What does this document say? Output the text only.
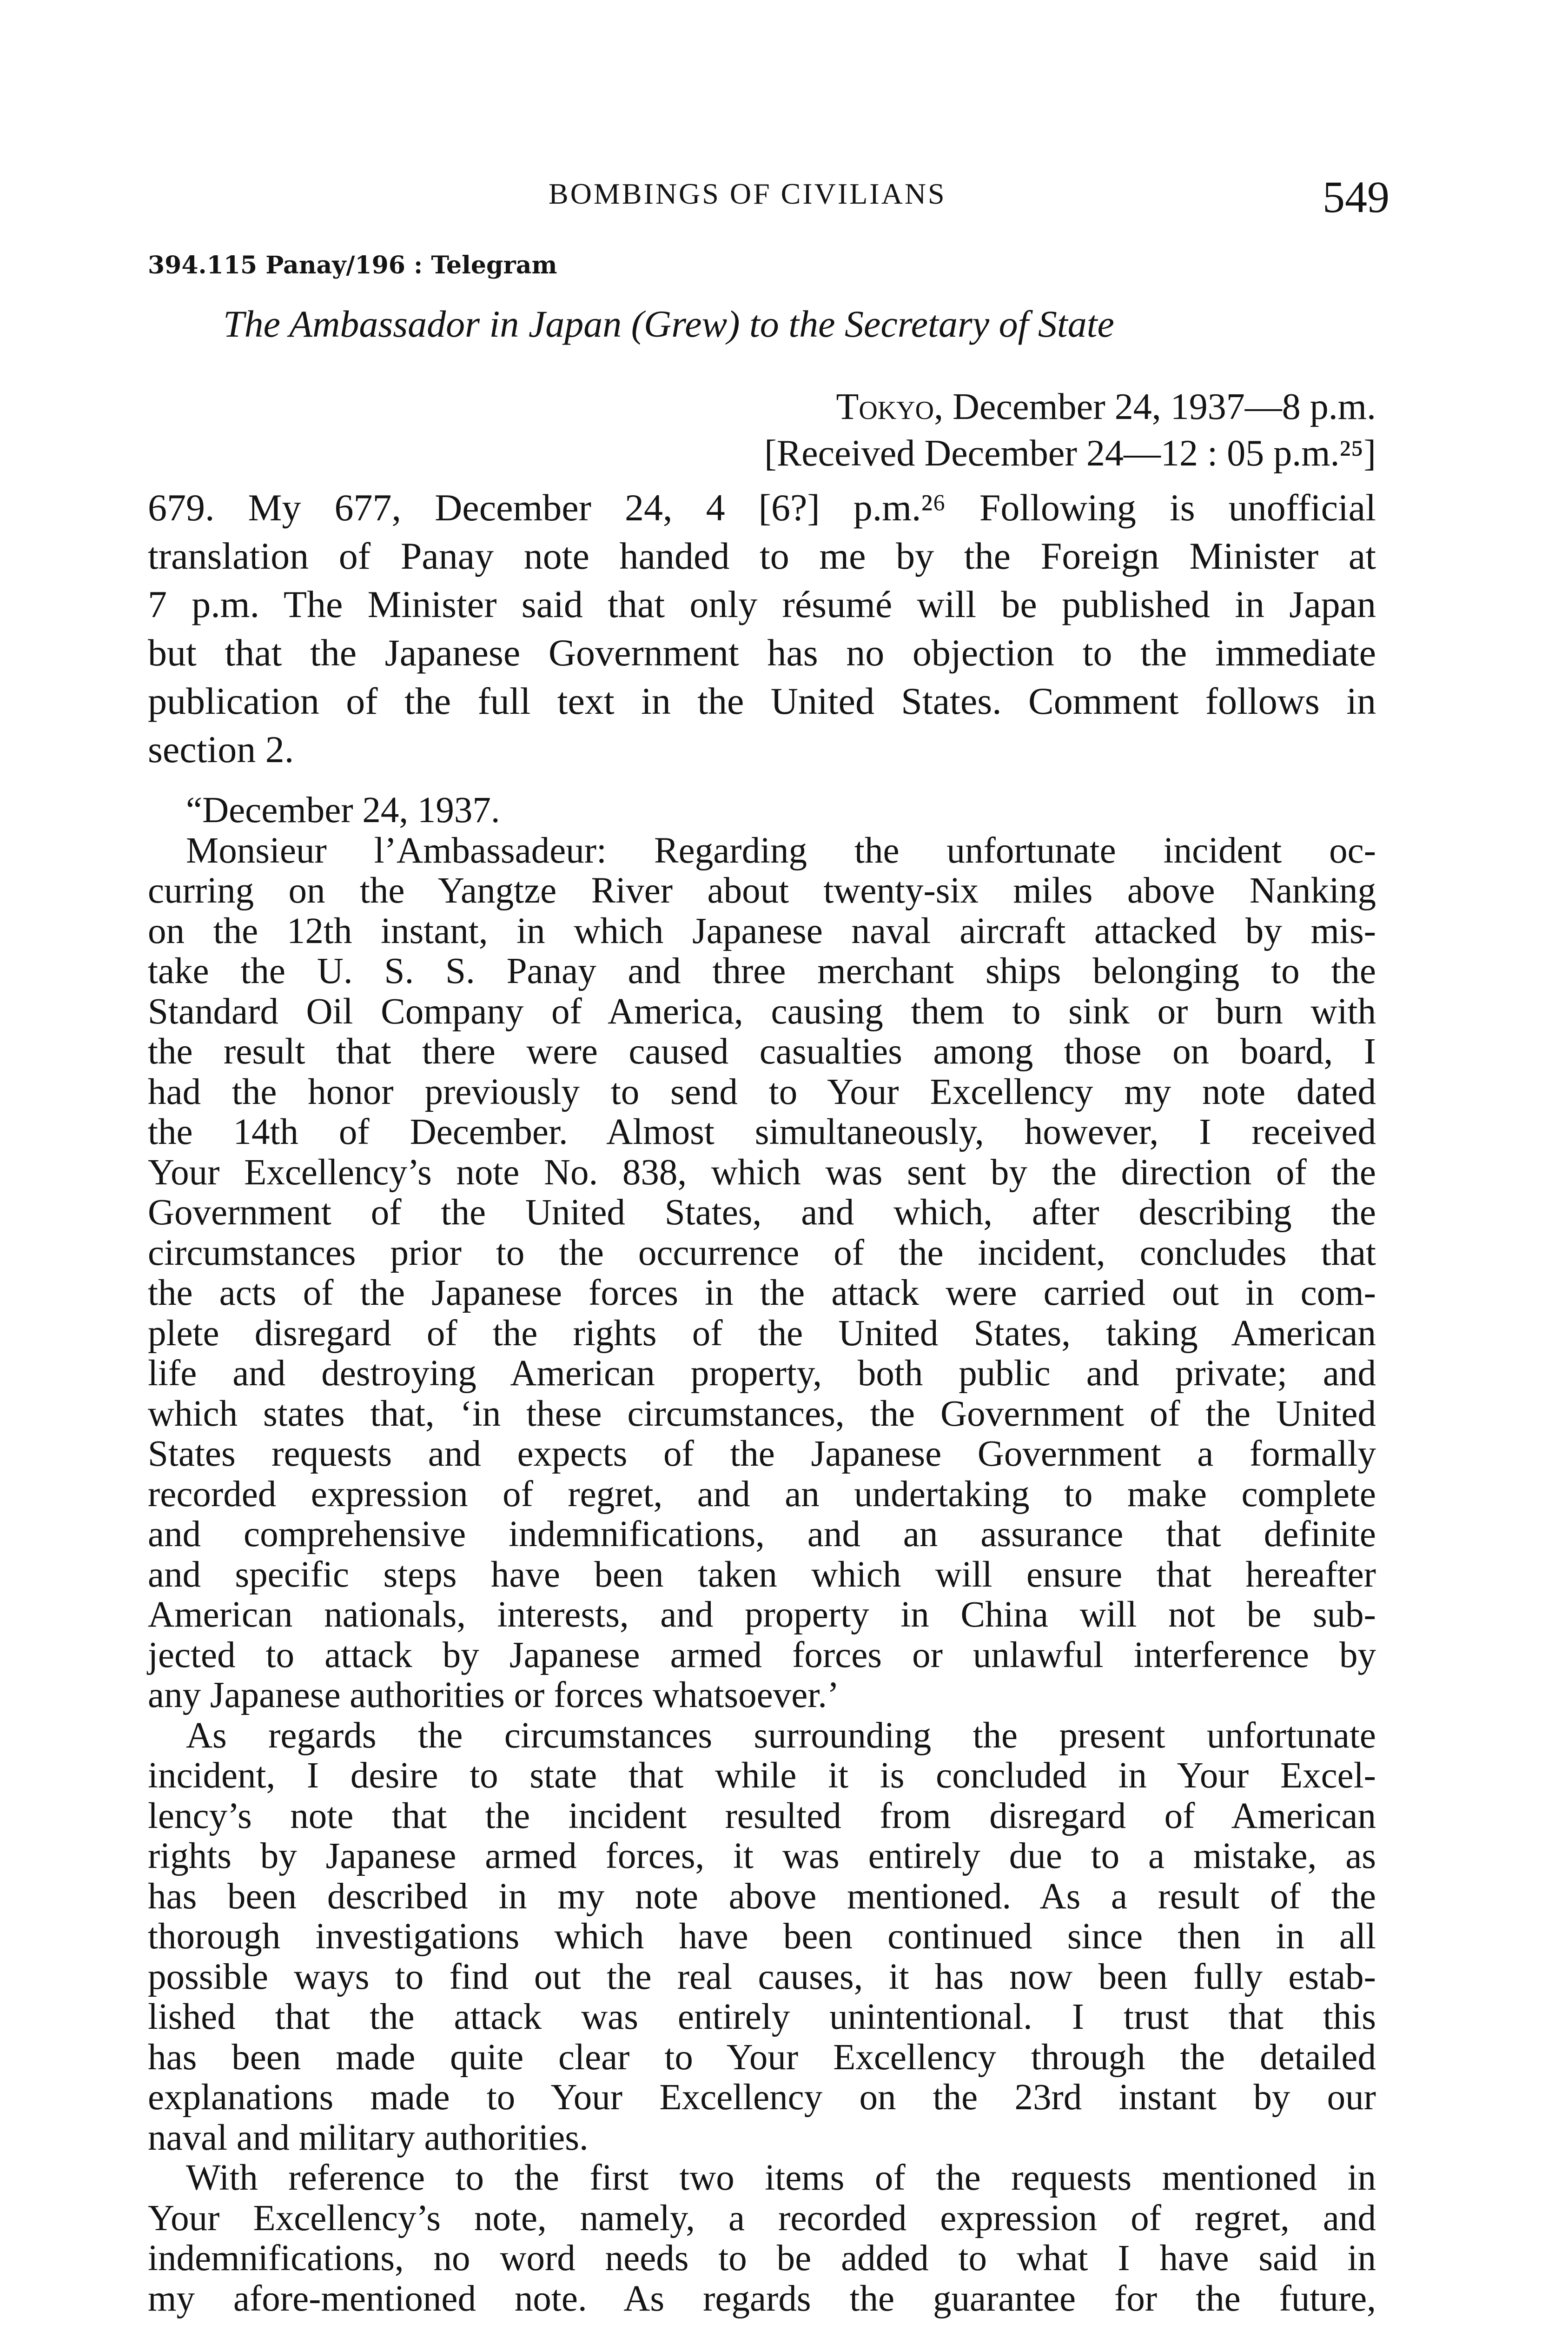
BOMBINGS OF CIVILIANS	549
394.115 Panay/196 : Telegram
The Ambassador in Japan (Grew) to the Secretary of State
Tokyo, December 24, 1937—8 p.m.
[Received December 24—12 : 05 p.m.²⁵]
679. My 677, December 24, 4 [6?] p.m.²⁶ Following is unofficial
translation of Panay note handed to me by the Foreign Minister at
7 p.m. The Minister said that only résumé will be published in Japan
but that the Japanese Government has no objection to the immediate
publication of the full text in the United States. Comment follows in
section 2.
“December 24, 1937.
Monsieur l’Ambassadeur: Regarding the unfortunate incident oc-
curring on the Yangtze River about twenty-six miles above Nanking
on the 12th instant, in which Japanese naval aircraft attacked by mis-
take the U. S. S. Panay and three merchant ships belonging to the
Standard Oil Company of America, causing them to sink or burn with
the result that there were caused casualties among those on board, I
had the honor previously to send to Your Excellency my note dated
the 14th of December. Almost simultaneously, however, I received
Your Excellency’s note No. 838, which was sent by the direction of the
Government of the United States, and which, after describing the
circumstances prior to the occurrence of the incident, concludes that
the acts of the Japanese forces in the attack were carried out in com-
plete disregard of the rights of the United States, taking American
life and destroying American property, both public and private; and
which states that, ‘in these circumstances, the Government of the United
States requests and expects of the Japanese Government a formally
recorded expression of regret, and an undertaking to make complete
and comprehensive indemnifications, and an assurance that definite
and specific steps have been taken which will ensure that hereafter
American nationals, interests, and property in China will not be sub-
jected to attack by Japanese armed forces or unlawful interference by
any Japanese authorities or forces whatsoever.’
As regards the circumstances surrounding the present unfortunate
incident, I desire to state that while it is concluded in Your Excel-
lency’s note that the incident resulted from disregard of American
rights by Japanese armed forces, it was entirely due to a mistake, as
has been described in my note above mentioned. As a result of the
thorough investigations which have been continued since then in all
possible ways to find out the real causes, it has now been fully estab-
lished that the attack was entirely unintentional. I trust that this
has been made quite clear to Your Excellency through the detailed
explanations made to Your Excellency on the 23rd instant by our
naval and military authorities.
With reference to the first two items of the requests mentioned in
Your Excellency’s note, namely, a recorded expression of regret, and
indemnifications, no word needs to be added to what I have said in
my afore-mentioned note. As regards the guarantee for the future,
